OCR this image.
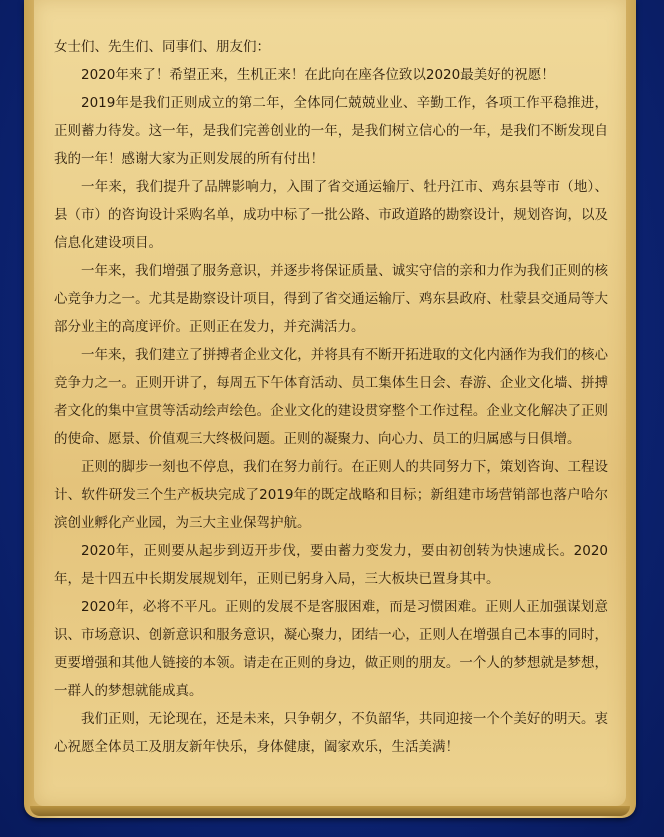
女士们、先生们、同事们、朋友们：

2020年来了！希望正来，生机正来！在此向在座各位致以2020最美好的祝愿！

2019年是我们正则成立的第二年，全体同仁兢兢业业、辛勤工作，各项工作平稳推进，正则蓄力待发。这一年，是我们完善创业的一年，是我们树立信心的一年，是我们不断发现自我的一年！感谢大家为正则发展的所有付出！

一年来，我们提升了品牌影响力，入围了省交通运输厅、牡丹江市、鸡东县等市（地）、县（市）的咨询设计采购名单，成功中标了一批公路、市政道路的勘察设计，规划咨询，以及信息化建设项目。

一年来，我们增强了服务意识，并逐步将保证质量、诚实守信的亲和力作为我们正则的核心竞争力之一。尤其是勘察设计项目，得到了省交通运输厅、鸡东县政府、杜蒙县交通局等大部分业主的高度评价。正则正在发力，并充满活力。

一年来，我们建立了拼搏者企业文化，并将具有不断开拓进取的文化内涵作为我们的核心竞争力之一。正则开讲了，每周五下午体育活动、员工集体生日会、春游、企业文化墙、拼搏者文化的集中宣贯等活动绘声绘色。企业文化的建设贯穿整个工作过程。企业文化解决了正则的使命、愿景、价值观三大终极问题。正则的凝聚力、向心力、员工的归属感与日俱增。

正则的脚步一刻也不停息，我们在努力前行。在正则人的共同努力下，策划咨询、工程设计、软件研发三个生产板块完成了2019年的既定战略和目标；新组建市场营销部也落户哈尔滨创业孵化产业园，为三大主业保驾护航。

2020年，正则要从起步到迈开步伐，要由蓄力变发力，要由初创转为快速成长。2020年，是十四五中长期发展规划年，正则已躬身入局，三大板块已置身其中。

2020年，必将不平凡。正则的发展不是客服困难，而是习惯困难。正则人正加强谋划意识、市场意识、创新意识和服务意识，凝心聚力，团结一心，正则人在增强自己本事的同时，更要增强和其他人链接的本领。请走在正则的身边，做正则的朋友。一个人的梦想就是梦想，一群人的梦想就能成真。

我们正则，无论现在，还是未来，只争朝夕，不负韶华，共同迎接一个个美好的明天。衷心祝愿全体员工及朋友新年快乐，身体健康，阖家欢乐，生活美满！
